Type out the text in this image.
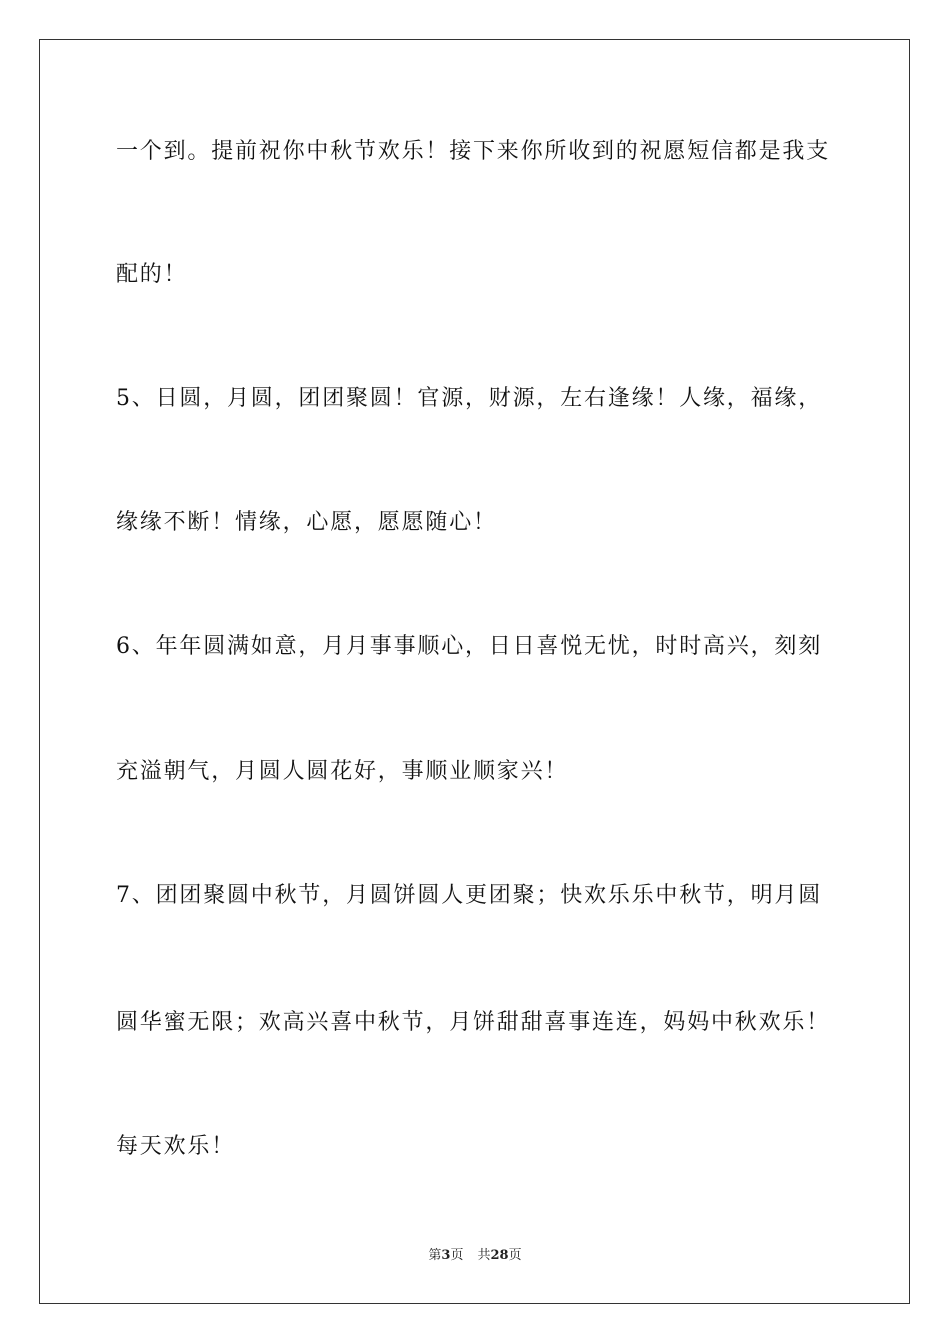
一个到。提前祝你中秋节欢乐！接下来你所收到的祝愿短信都是我支
配的！
5、日圆，月圆，团团聚圆！官源，财源，左右逢缘！人缘，福缘，
缘缘不断！情缘，心愿，愿愿随心！
6、年年圆满如意，月月事事顺心，日日喜悦无忧，时时高兴，刻刻
充溢朝气，月圆人圆花好，事顺业顺家兴！
7、团团聚圆中秋节，月圆饼圆人更团聚；快欢乐乐中秋节，明月圆
圆华蜜无限；欢高兴喜中秋节，月饼甜甜喜事连连，妈妈中秋欢乐！
每天欢乐！
第3页 共28页
